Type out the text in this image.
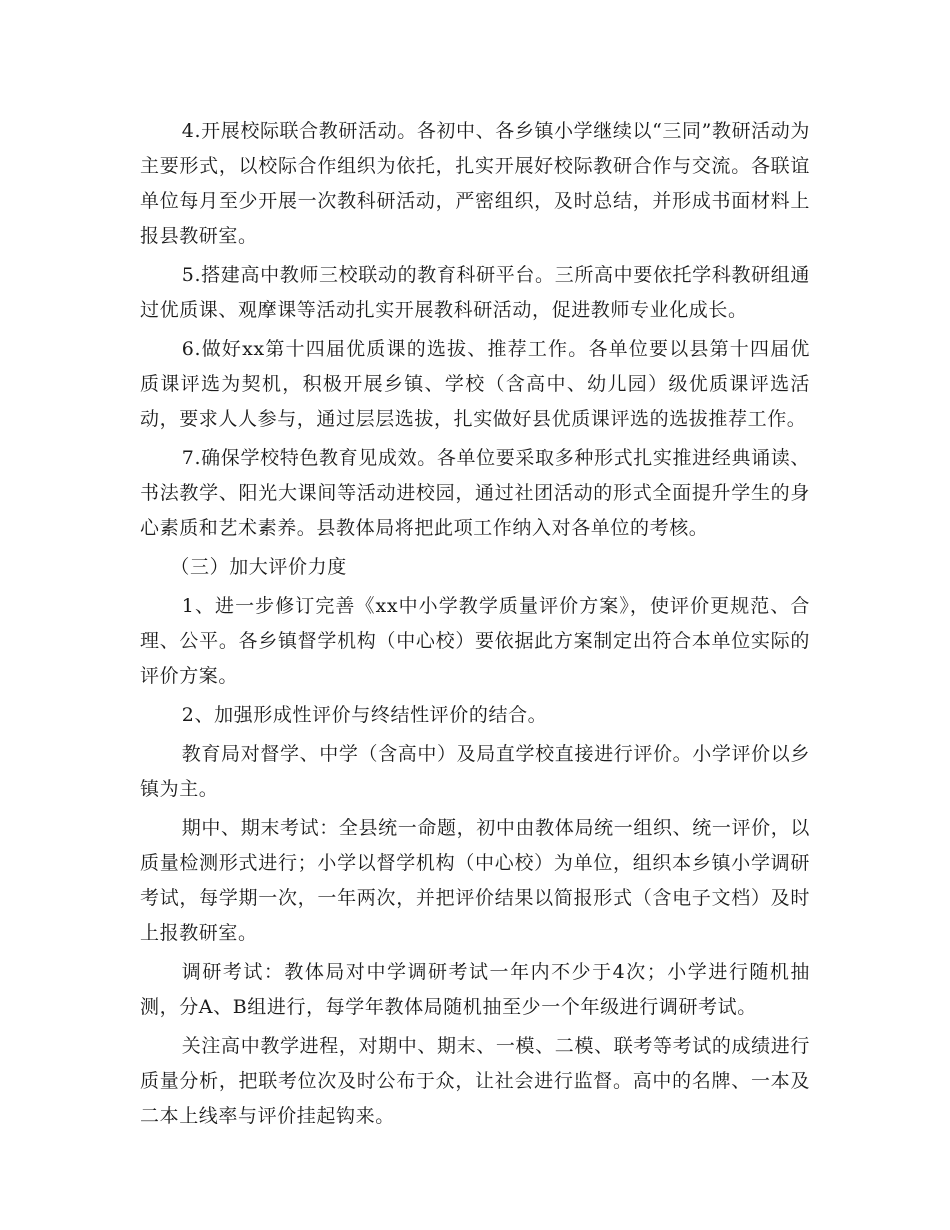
4.开展校际联合教研活动。各初中、各乡镇小学继续以“三同”教研活动为主要形式，以校际合作组织为依托，扎实开展好校际教研合作与交流。各联谊单位每月至少开展一次教科研活动，严密组织，及时总结，并形成书面材料上报县教研室。

5.搭建高中教师三校联动的教育科研平台。三所高中要依托学科教研组通过优质课、观摩课等活动扎实开展教科研活动，促进教师专业化成长。

6.做好xx第十四届优质课的选拔、推荐工作。各单位要以县第十四届优质课评选为契机，积极开展乡镇、学校（含高中、幼儿园）级优质课评选活动，要求人人参与，通过层层选拔，扎实做好县优质课评选的选拔推荐工作。

7.确保学校特色教育见成效。各单位要采取多种形式扎实推进经典诵读、书法教学、阳光大课间等活动进校园，通过社团活动的形式全面提升学生的身心素质和艺术素养。县教体局将把此项工作纳入对各单位的考核。

（三）加大评价力度

1、进一步修订完善《xx中小学教学质量评价方案》，使评价更规范、合理、公平。各乡镇督学机构（中心校）要依据此方案制定出符合本单位实际的评价方案。

2、加强形成性评价与终结性评价的结合。

教育局对督学、中学（含高中）及局直学校直接进行评价。小学评价以乡镇为主。

期中、期末考试：全县统一命题，初中由教体局统一组织、统一评价，以质量检测形式进行；小学以督学机构（中心校）为单位，组织本乡镇小学调研考试，每学期一次，一年两次，并把评价结果以简报形式（含电子文档）及时上报教研室。

调研考试：教体局对中学调研考试一年内不少于4次；小学进行随机抽测，分A、B组进行，每学年教体局随机抽至少一个年级进行调研考试。

关注高中教学进程，对期中、期末、一模、二模、联考等考试的成绩进行质量分析，把联考位次及时公布于众，让社会进行监督。高中的名牌、一本及二本上线率与评价挂起钩来。
